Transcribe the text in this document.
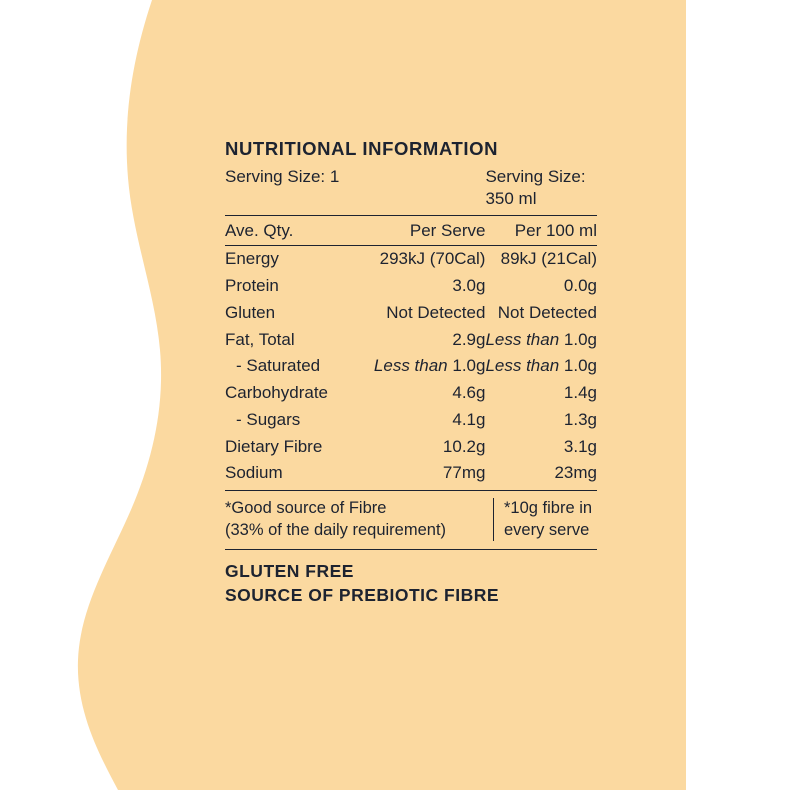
NUTRITIONAL INFORMATION
Serving Size: 1		Serving Size: 350 ml
Ave. Qty.	Per Serve	Per 100 ml
Energy	293kJ (70Cal)	89kJ (21Cal)
Protein	3.0g	0.0g
Gluten	Not Detected	Not Detected
Fat, Total	2.9g	Less than 1.0g
- Saturated	Less than 1.0g	Less than 1.0g
Carbohydrate	4.6g	1.4g
- Sugars	4.1g	1.3g
Dietary Fibre	10.2g	3.1g
Sodium	77mg	23mg
*Good source of Fibre
(33% of the daily requirement)
*10g fibre in
every serve
GLUTEN FREE
SOURCE OF PREBIOTIC FIBRE
